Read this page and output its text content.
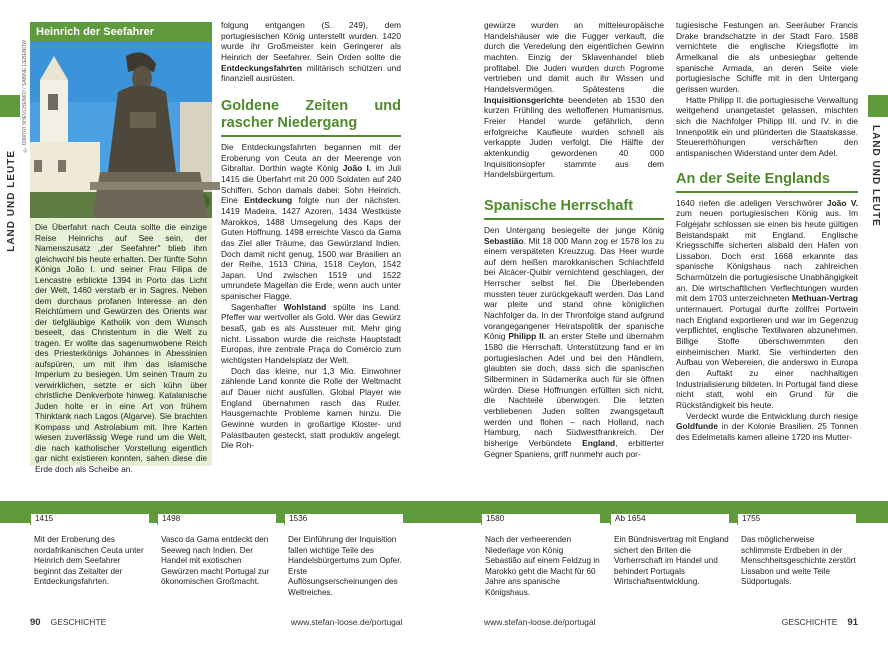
LAND UND LEUTE	LAND UND LEUTE
© DIMITRI SHEVCHENKO / SABINE LIEBENOW
Heinrich der Seefahrer
Die Überfahrt nach Ceuta sollte die einzige Reise Heinrichs auf See sein, der Namenszusatz „der Seefahrer" blieb ihm gleichwohl bis heute erhalten. Der fünfte Sohn Königs João I. und seiner Frau Filipa de Lencastre erblickte 1394 in Porto das Licht der Welt, 1460 verstarb er in Sagres. Neben dem durchaus profanen Interesse an den Reichtümern und Gewürzen des Orients war der tiefgläubige Katholik von dem Wunsch beseelt, das Christentum in die Welt zu tragen. Er wollte das sagenumwobene Reich des Priesterkönigs Johannes in Abessinien aufspüren, um mit ihm das islamische Imperium zu besiegen. Um seinen Traum zu verwirklichen, setzte er sich kühn über christliche Denkverbote hinweg. Katalanische Juden holte er in eine Art von frühem Thinktank nach Lagos (Algarve). Sie brachten Kompass und Astrolabium mit. Ihre Karten wiesen zuverlässig Wege rund um die Welt, die nach katholischer Vorstellung eigentlich gar nicht existieren konnten, sahen diese die Erde doch als Scheibe an.

folgung entgangen (S. 249), dem portugiesischen König unterstellt wurden. 1420 wurde ihr Großmeister kein Geringerer als Heinrich der Seefahrer. Sein Orden sollte die Entdeckungsfahrten militärisch schützen und finanziell ausrüsten.

Goldene Zeiten und rascher Niedergang

Die Entdeckungsfahrten begannen mit der Eroberung von Ceuta an der Meerenge von Gibraltar. Dorthin wagte König João I. im Juli 1415 die Überfahrt mit 20 000 Soldaten auf 240 Schiffen. Schon damals dabei: Sohn Heinrich. Eine Entdeckung folgte nun der nächsten. 1419 Madeira, 1427 Azoren, 1434 Westküste Marokkos, 1488 Umsegelung des Kaps der Guten Hoffnung. 1498 erreichte Vasco da Gama das Ziel aller Träume, das Gewürzland Indien. Doch damit nicht genug, 1500 war Brasilien an der Reihe, 1513 China, 1518 Ceylon, 1542 Japan. Und zwischen 1519 und 1522 umrundete Magellan die Erde, wenn auch unter spanischer Flagge.

Sagenhafter Wohlstand spülte ins Land. Pfeffer war wertvoller als Gold. Wer das Gewürz besaß, gab es als Aussteuer mit. Mehr ging nicht. Lissabon wurde die reichste Hauptstadt Europas, ihre zentrale Praça do Comércio zum wichtigsten Handelsplatz der Welt.

Doch das kleine, nur 1,3 Mio. Einwohner zählende Land konnte die Rolle der Weltmacht auf Dauer nicht ausfüllen. Global Player wie England übernahmen rasch das Ruder. Hausgemachte Probleme kamen hinzu. Die Gewinne wurden in großartige Kloster- und Palastbauten gesteckt, statt produktiv angelegt. Die Roh-

gewürze wurden an mitteleuropäische Handelshäuser wie die Fugger verkauft, die durch die Veredelung den eigentlichen Gewinn machten. Einzig der Sklavenhandel blieb profitabel. Die Juden wurden durch Pogrome vertrieben und damit auch ihr Wissen und Handelsvermögen. Spätestens die Inquisitionsgerichte beendeten ab 1530 den kurzen Frühling des weltoffenen Humanismus. Freier Handel wurde gefährlich, denn erfolgreiche Kaufleute wurden schnell als verkappte Juden verfolgt. Die Hälfte der aktenkundig gewordenen 40 000 Inquisitionsopfer stammte aus dem Handelsbürgertum.

Spanische Herrschaft

Den Untergang besiegelte der junge König Sebastião. Mit 18 000 Mann zog er 1578 los zu einem verspäteten Kreuzzug. Das Heer wurde auf dem heißen marokkanischen Schlachtfeld bei Alcácer-Quibir vernichtend geschlagen, der Herrscher selbst fiel. Die Überlebenden mussten teuer zurückgekauft werden. Das Land war pleite und stand ohne königlichen Nachfolger da. In der Thronfolge stand aufgrund vorangegangener Heiratspolitik der spanische König Philipp II. an erster Stelle und übernahm 1580 die Herrschaft. Unterstützung fand er im portugiesischen Adel und bei den Händlern, glaubten sie doch, dass sich die spanischen Silberminen in Südamerika auch für sie öffnen würden. Diese Hoffnungen erfüllten sich nicht, die Nachteile überwogen. Die letzten verbliebenen Juden sollten zwangsgetauft werden und flohen – nach Holland, nach Hamburg, nach Südwestfrankreich. Der bisherige Verbündete England, erbitterter Gegner Spaniens, griff nunmehr auch por-

tugiesische Festungen an. Seeräuber Francis Drake brandschatzte in der Stadt Faro. 1588 vernichtete die englische Kriegsflotte im Ärmelkanal die als unbesiegbar geltende spanische Armada, an deren Seite viele portugiesische Schiffe mit in den Untergang gerissen wurden.

Hatte Philipp II. die portugiesische Verwaltung weitgehend unangetastet gelassen, mischten sich die Nachfolger Philipp III. und IV. in die Innenpolitik ein und plünderten die Staatskasse. Steuererhöhungen verschärften den antispanischen Widerstand unter dem Adel.

An der Seite Englands

1640 riefen die adeligen Verschwörer João V. zum neuen portugiesischen König aus. Im Folgejahr schlossen sie einen bis heute gültigen Beistandspakt mit England. Englische Kriegsschiffe sicherten alsbald den Hafen von Lissabon. Doch erst 1668 erkannte das spanische Königshaus nach zahlreichen Scharmützeln die portugiesische Unabhängigkeit an. Die wirtschaftlichen Verflechtungen wurden mit dem 1703 unterzeichneten Methuan-Vertrag untermauert. Portugal durfte zollfrei Portwein nach England exportieren und war im Gegenzug verpflichtet, englische Textilwaren abzunehmen. Billige Stoffe überschwemmten den einheimischen Markt. Sie verhinderten den Aufbau von Webereien, die anderswo in Europa den Auftakt zu einer nachhaltigen Industrialisierung bildeten. In Portugal fand diese nicht statt, wohl ein Grund für die Rückständigkeit bis heute.

Verdeckt wurde die Entwicklung durch riesige Goldfunde in der Kolonie Brasilien. 25 Tonnen des Edelmetalls kamen alleine 1720 ins Mutter-

1415
Mit der Eroberung des nordafrikanischen Ceuta unter Heinrich dem Seefahrer beginnt das Zeitalter der Entdeckungsfahrten.
1498
Vasco da Gama entdeckt den Seeweg nach Indien. Der Handel mit exotischen Gewürzen macht Portugal zur ökonomischen Großmacht.
1536
Der Einführung der Inquisition fallen wichtige Teile des Handelsbürgertums zum Opfer. Erste Auflösungserscheinungen des Weltreiches.
1580
Nach der verheerenden Niederlage von König Sebastião auf einem Feldzug in Marokko geht die Macht für 60 Jahre ans spanische Königshaus.
Ab 1654
Ein Bündnisvertrag mit England sichert den Briten die Vorherrschaft im Handel und behindert Portugals Wirtschaftsentwicklung.
1755
Das möglicherweise schlimmste Erdbeben in der Menschheitsgeschichte zerstört Lissabon und weite Teile Südportugals.
90 GESCHICHTE	www.stefan-loose.de/portugal	www.stefan-loose.de/portugal	GESCHICHTE 91
